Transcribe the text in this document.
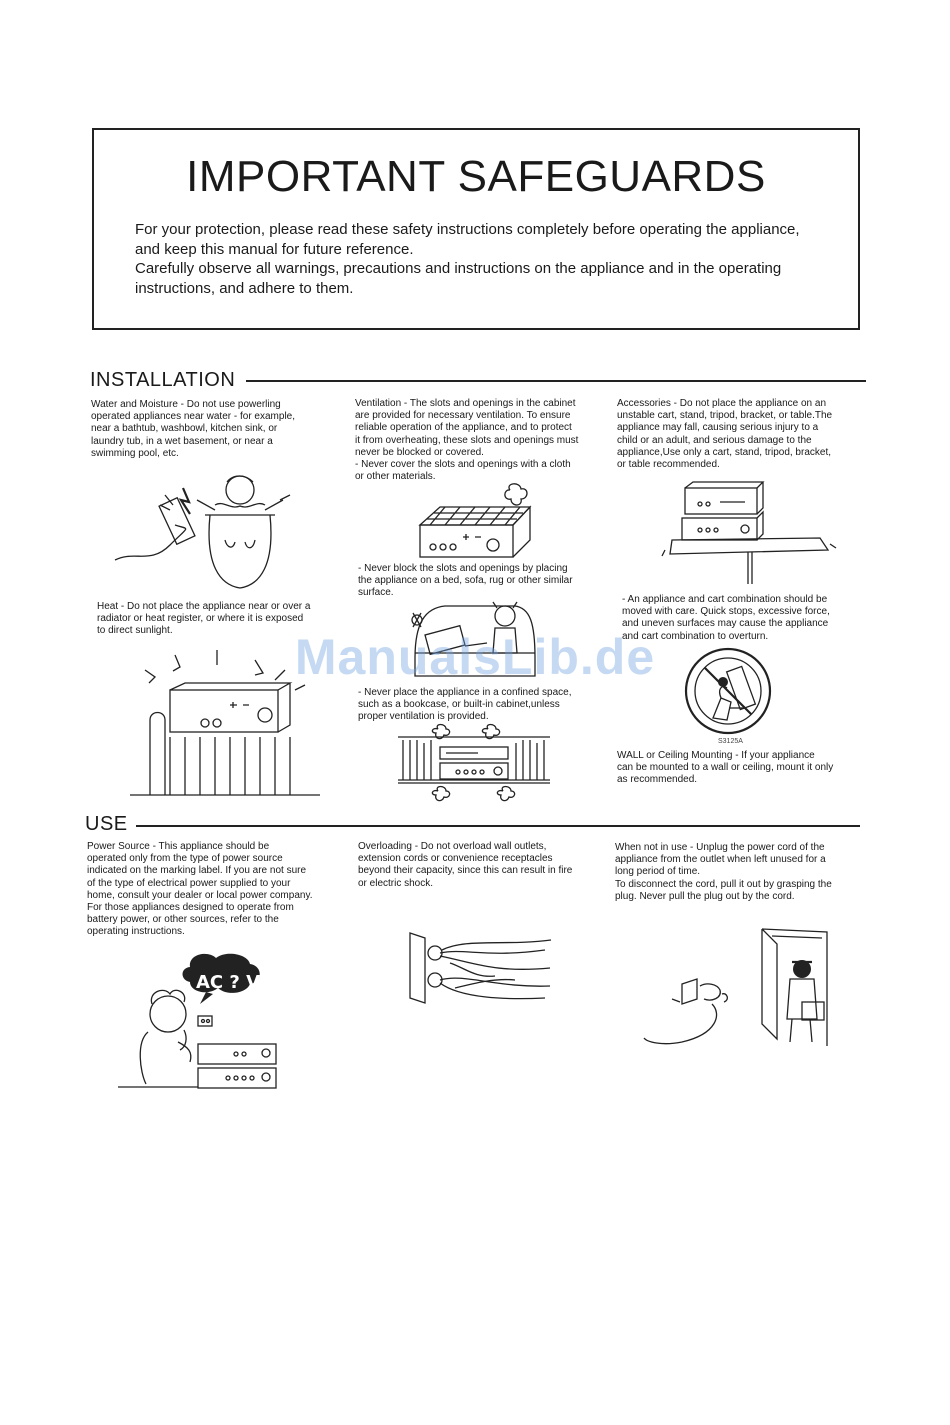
IMPORTANT SAFEGUARDS

For your protection, please read these safety instructions completely before operating the appliance,

and keep this manual for future reference.

Carefully observe all warnings, precautions and instructions on the appliance and in the operating

instructions, and adhere to them.

INSTALLATION
Water and Moisture - Do not use powerling
operated appliances near water - for example,
near a bathtub, washbowl, kitchen sink, or
laundry tub, in a wet basement, or near a
swimming pool, etc.
Heat - Do not place the appliance near or over a
radiator or heat register, or where it is exposed
to direct sunlight.
Ventilation - The slots and openings in the cabinet
are provided for necessary ventilation. To ensure
reliable operation of the appliance, and to protect
it from overheating, these slots and openings must
never be blocked or covered.
- Never cover the slots and openings with a cloth
or other materials.
- Never block the slots and openings by placing
the appliance on a bed, sofa, rug or other similar
surface.
- Never place the appliance in a confined space,
such as a bookcase, or built-in cabinet,unless
proper ventilation is provided.
Accessories - Do not place the appliance on an
unstable cart, stand, tripod, bracket, or table.The
appliance may fall, causing serious injury to a
child or an adult, and serious damage to the
appliance,Use only a cart, stand, tripod, bracket,
or table recommended.
- An appliance and cart combination should be
moved with care. Quick stops, excessive force,
and uneven surfaces may cause the appliance
and cart combination to overturn.
S3125A
WALL or Ceiling Mounting - If your appliance
can be mounted to a wall or ceiling, mount it only
as recommended.
USE
Power Source - This appliance should be
operated only from the type of power source
indicated on the marking label. If you are not sure
of the type of electrical power supplied to your
home, consult your dealer or local power company.
For those appliances designed to operate from
battery power, or other sources, refer to the
operating instructions.
AC ? V
Overloading - Do not overload wall outlets,
extension cords or convenience receptacles
beyond their capacity, since this can result in fire
or electric shock.
When not in use - Unplug the power cord of the
appliance from the outlet when left unused for a
long period of time.
To disconnect the cord, pull it out by grasping the
plug. Never pull the plug out by the cord.
ManualsLib.de
